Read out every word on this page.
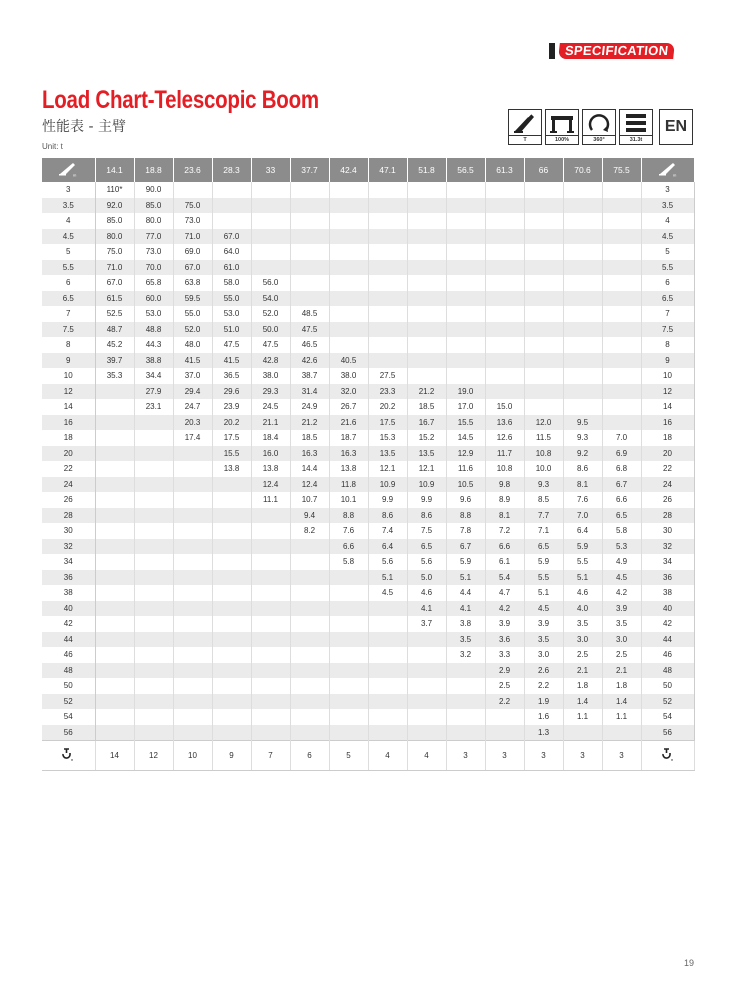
SPECIFICATION
Load Chart-Telescopic Boom
性能表 - 主臂
Unit: t
T	100%	360°	31.3t
EN
m	14.1	18.8	23.6	28.3	33	37.7	42.4	47.1	51.8	56.5	61.3	66	70.6	75.5	m

3	110*	90.0													3
3.5	92.0	85.0	75.0												3.5
4	85.0	80.0	73.0												4
4.5	80.0	77.0	71.0	67.0											4.5
5	75.0	73.0	69.0	64.0											5
5.5	71.0	70.0	67.0	61.0											5.5
6	67.0	65.8	63.8	58.0	56.0										6
6.5	61.5	60.0	59.5	55.0	54.0										6.5
7	52.5	53.0	55.0	53.0	52.0	48.5									7
7.5	48.7	48.8	52.0	51.0	50.0	47.5									7.5
8	45.2	44.3	48.0	47.5	47.5	46.5									8
9	39.7	38.8	41.5	41.5	42.8	42.6	40.5								9
10	35.3	34.4	37.0	36.5	38.0	38.7	38.0	27.5							10
12		27.9	29.4	29.6	29.3	31.4	32.0	23.3	21.2	19.0					12
14		23.1	24.7	23.9	24.5	24.9	26.7	20.2	18.5	17.0	15.0				14
16			20.3	20.2	21.1	21.2	21.6	17.5	16.7	15.5	13.6	12.0	9.5		16
18			17.4	17.5	18.4	18.5	18.7	15.3	15.2	14.5	12.6	11.5	9.3	7.0	18
20				15.5	16.0	16.3	16.3	13.5	13.5	12.9	11.7	10.8	9.2	6.9	20
22				13.8	13.8	14.4	13.8	12.1	12.1	11.6	10.8	10.0	8.6	6.8	22
24					12.4	12.4	11.8	10.9	10.9	10.5	9.8	9.3	8.1	6.7	24
26					11.1	10.7	10.1	9.9	9.9	9.6	8.9	8.5	7.6	6.6	26
28						9.4	8.8	8.6	8.6	8.8	8.1	7.7	7.0	6.5	28
30						8.2	7.6	7.4	7.5	7.8	7.2	7.1	6.4	5.8	30
32							6.6	6.4	6.5	6.7	6.6	6.5	5.9	5.3	32
34							5.8	5.6	5.6	5.9	6.1	5.9	5.5	4.9	34
36								5.1	5.0	5.1	5.4	5.5	5.1	4.5	36
38								4.5	4.6	4.4	4.7	5.1	4.6	4.2	38
40									4.1	4.1	4.2	4.5	4.0	3.9	40
42									3.7	3.8	3.9	3.9	3.5	3.5	42
44										3.5	3.6	3.5	3.0	3.0	44
46										3.2	3.3	3.0	2.5	2.5	46
48											2.9	2.6	2.1	2.1	48
50											2.5	2.2	1.8	1.8	50
52											2.2	1.9	1.4	1.4	52
54												1.6	1.1	1.1	54
56												1.3			56

n	14	12	10	9	7	6	5	4	4	3	3	3	3	3	n
19
